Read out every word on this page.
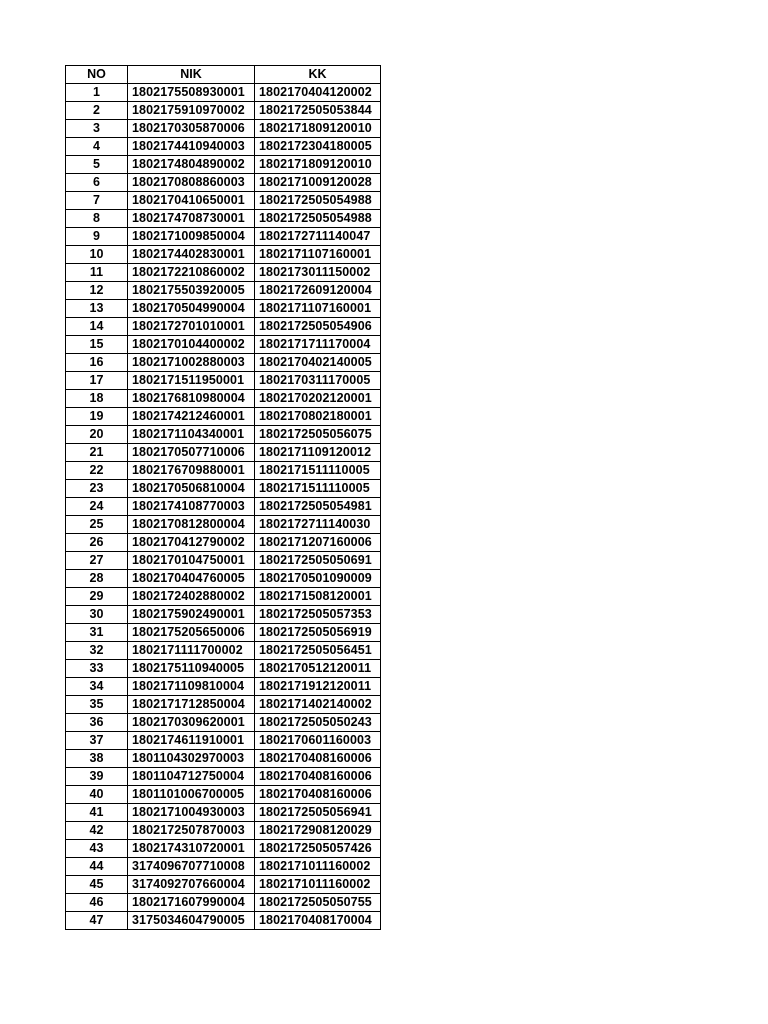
NO	NIK	KK
1	1802175508930001	1802170404120002
2	1802175910970002	1802172505053844
3	1802170305870006	1802171809120010
4	1802174410940003	1802172304180005
5	1802174804890002	1802171809120010
6	1802170808860003	1802171009120028
7	1802170410650001	1802172505054988
8	1802174708730001	1802172505054988
9	1802171009850004	1802172711140047
10	1802174402830001	1802171107160001
11	1802172210860002	1802173011150002
12	1802175503920005	1802172609120004
13	1802170504990004	1802171107160001
14	1802172701010001	1802172505054906
15	1802170104400002	1802171711170004
16	1802171002880003	1802170402140005
17	1802171511950001	1802170311170005
18	1802176810980004	1802170202120001
19	1802174212460001	1802170802180001
20	1802171104340001	1802172505056075
21	1802170507710006	1802171109120012
22	1802176709880001	1802171511110005
23	1802170506810004	1802171511110005
24	1802174108770003	1802172505054981
25	1802170812800004	1802172711140030
26	1802170412790002	1802171207160006
27	1802170104750001	1802172505050691
28	1802170404760005	1802170501090009
29	1802172402880002	1802171508120001
30	1802175902490001	1802172505057353
31	1802175205650006	1802172505056919
32	1802171111700002	1802172505056451
33	1802175110940005	1802170512120011
34	1802171109810004	1802171912120011
35	1802171712850004	1802171402140002
36	1802170309620001	1802172505050243
37	1802174611910001	1802170601160003
38	1801104302970003	1802170408160006
39	1801104712750004	1802170408160006
40	1801101006700005	1802170408160006
41	1802171004930003	1802172505056941
42	1802172507870003	1802172908120029
43	1802174310720001	1802172505057426
44	3174096707710008	1802171011160002
45	3174092707660004	1802171011160002
46	1802171607990004	1802172505050755
47	3175034604790005	1802170408170004
